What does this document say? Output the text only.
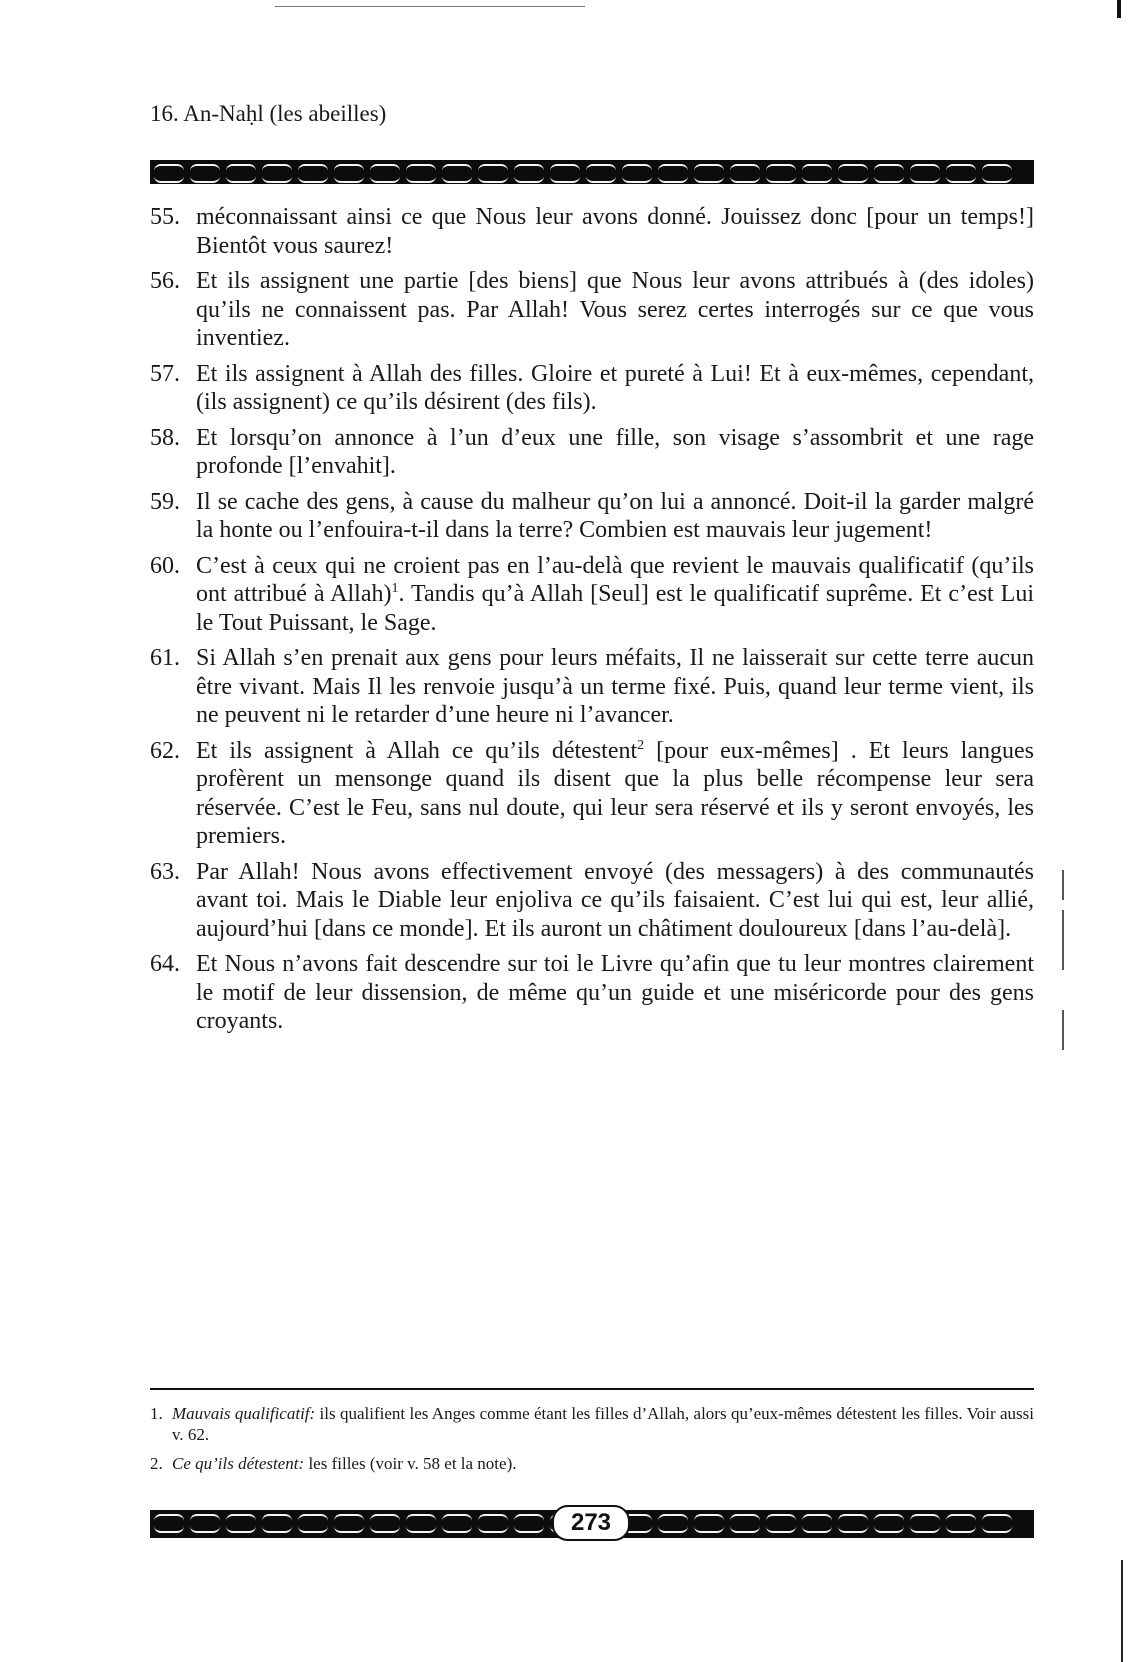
16. An-Naḥl (les abeilles)
55. méconnaissant ainsi ce que Nous leur avons donné. Jouissez donc [pour un temps!] Bientôt vous saurez!
56. Et ils assignent une partie [des biens] que Nous leur avons attribués à (des idoles) qu’ils ne connaissent pas. Par Allah! Vous serez certes interrogés sur ce que vous inventiez.
57. Et ils assignent à Allah des filles. Gloire et pureté à Lui! Et à eux-mêmes, cependant, (ils assignent) ce qu’ils désirent (des fils).
58. Et lorsqu’on annonce à l’un d’eux une fille, son visage s’assombrit et une rage profonde [l’envahit].
59. Il se cache des gens, à cause du malheur qu’on lui a annoncé. Doit-il la garder malgré la honte ou l’enfouira-t-il dans la terre? Combien est mauvais leur jugement!
60. C’est à ceux qui ne croient pas en l’au-delà que revient le mauvais qualificatif (qu’ils ont attribué à Allah)$^1$. Tandis qu’à Allah [Seul] est le qualificatif suprême. Et c’est Lui le Tout Puissant, le Sage.
61. Si Allah s’en prenait aux gens pour leurs méfaits, Il ne laisserait sur cette terre aucun être vivant. Mais Il les renvoie jusqu’à un terme fixé. Puis, quand leur terme vient, ils ne peuvent ni le retarder d’une heure ni l’avancer.
62. Et ils assignent à Allah ce qu’ils détestent$^2$ [pour eux-mêmes] . Et leurs langues profèrent un mensonge quand ils disent que la plus belle récompense leur sera réservée. C’est le Feu, sans nul doute, qui leur sera réservé et ils y seront envoyés, les premiers.
63. Par Allah! Nous avons effectivement envoyé (des messagers) à des communautés avant toi. Mais le Diable leur enjoliva ce qu’ils faisaient. C’est lui qui est, leur allié, aujourd’hui [dans ce monde]. Et ils auront un châtiment douloureux [dans l’au-delà].
64. Et Nous n’avons fait descendre sur toi le Livre qu’afin que tu leur montres clairement le motif de leur dissension, de même qu’un guide et une miséricorde pour des gens croyants.
1. Mauvais qualificatif: ils qualifient les Anges comme étant les filles d’Allah, alors qu’eux-mêmes détestent les filles. Voir aussi v. 62.
2. Ce qu’ils détestent: les filles (voir v. 58 et la note).
273
